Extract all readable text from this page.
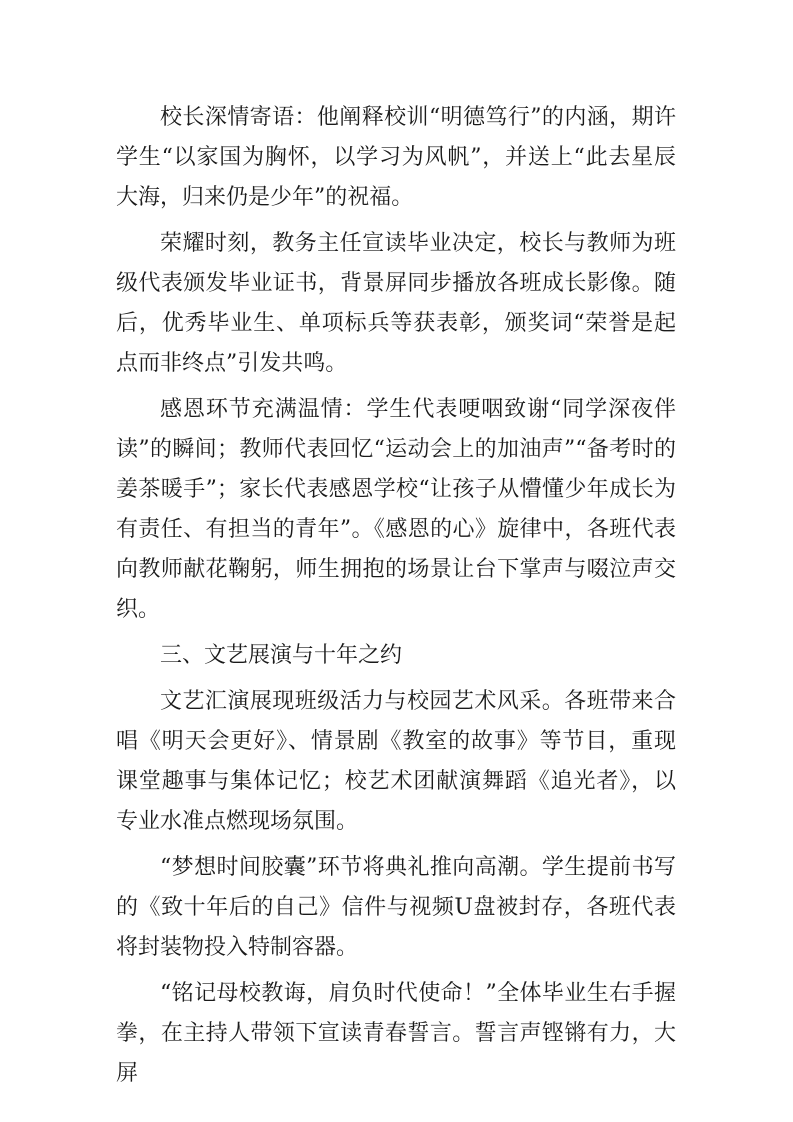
校长深情寄语：他阐释校训“明德笃行”的内涵，期许学生“以家国为胸怀，以学习为风帆”，并送上“此去星辰大海，归来仍是少年”的祝福。

荣耀时刻，教务主任宣读毕业决定，校长与教师为班级代表颁发毕业证书，背景屏同步播放各班成长影像。随后，优秀毕业生、单项标兵等获表彰，颁奖词“荣誉是起点而非终点”引发共鸣。

感恩环节充满温情：学生代表哽咽致谢“同学深夜伴读”的瞬间；教师代表回忆“运动会上的加油声”“备考时的姜茶暖手”；家长代表感恩学校“让孩子从懵懂少年成长为有责任、有担当的青年”。《感恩的心》旋律中，各班代表向教师献花鞠躬，师生拥抱的场景让台下掌声与啜泣声交织。

三、文艺展演与十年之约

文艺汇演展现班级活力与校园艺术风采。各班带来合唱《明天会更好》、情景剧《教室的故事》等节目，重现课堂趣事与集体记忆；校艺术团献演舞蹈《追光者》，以专业水准点燃现场氛围。

“梦想时间胶囊”环节将典礼推向高潮。学生提前书写的《致十年后的自己》信件与视频U盘被封存，各班代表将封装物投入特制容器。

“铭记母校教诲，肩负时代使命！”全体毕业生右手握拳，在主持人带领下宣读青春誓言。誓言声铿锵有力，大屏
